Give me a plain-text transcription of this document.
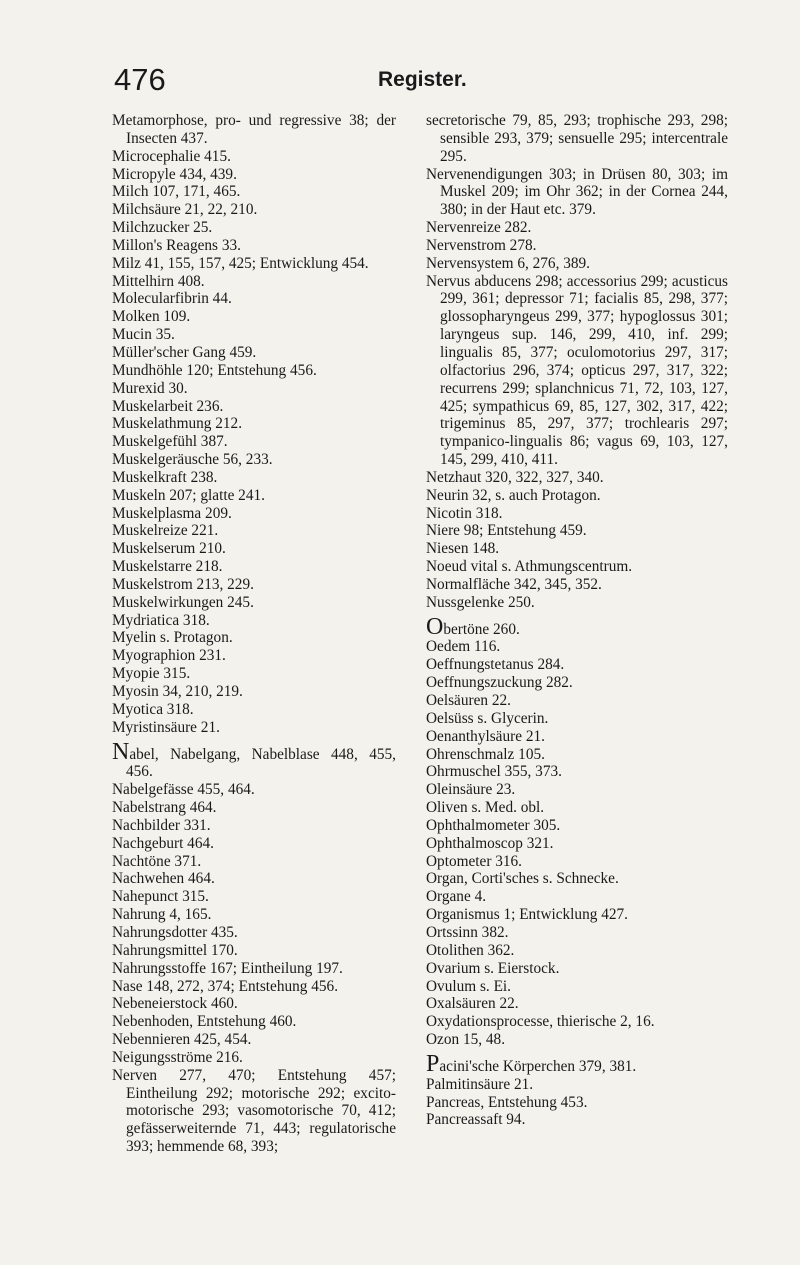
476	Register.

Metamorphose, pro- und regressive 38; der Insecten 437.

Microcephalie 415.

Micropyle 434, 439.

Milch 107, 171, 465.

Milchsäure 21, 22, 210.

Milchzucker 25.

Millon's Reagens 33.

Milz 41, 155, 157, 425; Entwicklung 454.

Mittelhirn 408.

Molecularfibrin 44.

Molken 109.

Mucin 35.

Müller'scher Gang 459.

Mundhöhle 120; Entstehung 456.

Murexid 30.

Muskelarbeit 236.

Muskelathmung 212.

Muskelgefühl 387.

Muskelgeräusche 56, 233.

Muskelkraft 238.

Muskeln 207; glatte 241.

Muskelplasma 209.

Muskelreize 221.

Muskelserum 210.

Muskelstarre 218.

Muskelstrom 213, 229.

Muskelwirkungen 245.

Mydriatica 318.

Myelin s. Protagon.

Myographion 231.

Myopie 315.

Myosin 34, 210, 219.

Myotica 318.

Myristinsäure 21.

Nabel, Nabelgang, Nabelblase 448, 455, 456.

Nabelgefässe 455, 464.

Nabelstrang 464.

Nachbilder 331.

Nachgeburt 464.

Nachtöne 371.

Nachwehen 464.

Nahepunct 315.

Nahrung 4, 165.

Nahrungsdotter 435.

Nahrungsmittel 170.

Nahrungsstoffe 167; Eintheilung 197.

Nase 148, 272, 374; Entstehung 456.

Nebeneierstock 460.

Nebenhoden, Entstehung 460.

Nebennieren 425, 454.

Neigungsströme 216.

Nerven 277, 470; Entstehung 457; Eintheilung 292; motorische 292; excito-motorische 293; vasomotorische 70, 412; gefässerweiternde 71, 443; regulatorische 393; hemmende 68, 393;

secretorische 79, 85, 293; trophische 293, 298; sensible 293, 379; sensuelle 295; intercentrale 295.

Nervenendigungen 303; in Drüsen 80, 303; im Muskel 209; im Ohr 362; in der Cornea 244, 380; in der Haut etc. 379.

Nervenreize 282.

Nervenstrom 278.

Nervensystem 6, 276, 389.

Nervus abducens 298; accessorius 299; acusticus 299, 361; depressor 71; facialis 85, 298, 377; glossopharyngeus 299, 377; hypoglossus 301; laryngeus sup. 146, 299, 410, inf. 299; lingualis 85, 377; oculomotorius 297, 317; olfactorius 296, 374; opticus 297, 317, 322; recurrens 299; splanchnicus 71, 72, 103, 127, 425; sympathicus 69, 85, 127, 302, 317, 422; trigeminus 85, 297, 377; trochlearis 297; tympanico-lingualis 86; vagus 69, 103, 127, 145, 299, 410, 411.

Netzhaut 320, 322, 327, 340.

Neurin 32, s. auch Protagon.

Nicotin 318.

Niere 98; Entstehung 459.

Niesen 148.

Noeud vital s. Athmungscentrum.

Normalfläche 342, 345, 352.

Nussgelenke 250.

Obertöne 260.

Oedem 116.

Oeffnungstetanus 284.

Oeffnungszuckung 282.

Oelsäuren 22.

Oelsüss s. Glycerin.

Oenanthylsäure 21.

Ohrenschmalz 105.

Ohrmuschel 355, 373.

Oleinsäure 23.

Oliven s. Med. obl.

Ophthalmometer 305.

Ophthalmoscop 321.

Optometer 316.

Organ, Corti'sches s. Schnecke.

Organe 4.

Organismus 1; Entwicklung 427.

Ortssinn 382.

Otolithen 362.

Ovarium s. Eierstock.

Ovulum s. Ei.

Oxalsäuren 22.

Oxydationsprocesse, thierische 2, 16.

Ozon 15, 48.

Pacini'sche Körperchen 379, 381.

Palmitinsäure 21.

Pancreas, Entstehung 453.

Pancreassaft 94.
